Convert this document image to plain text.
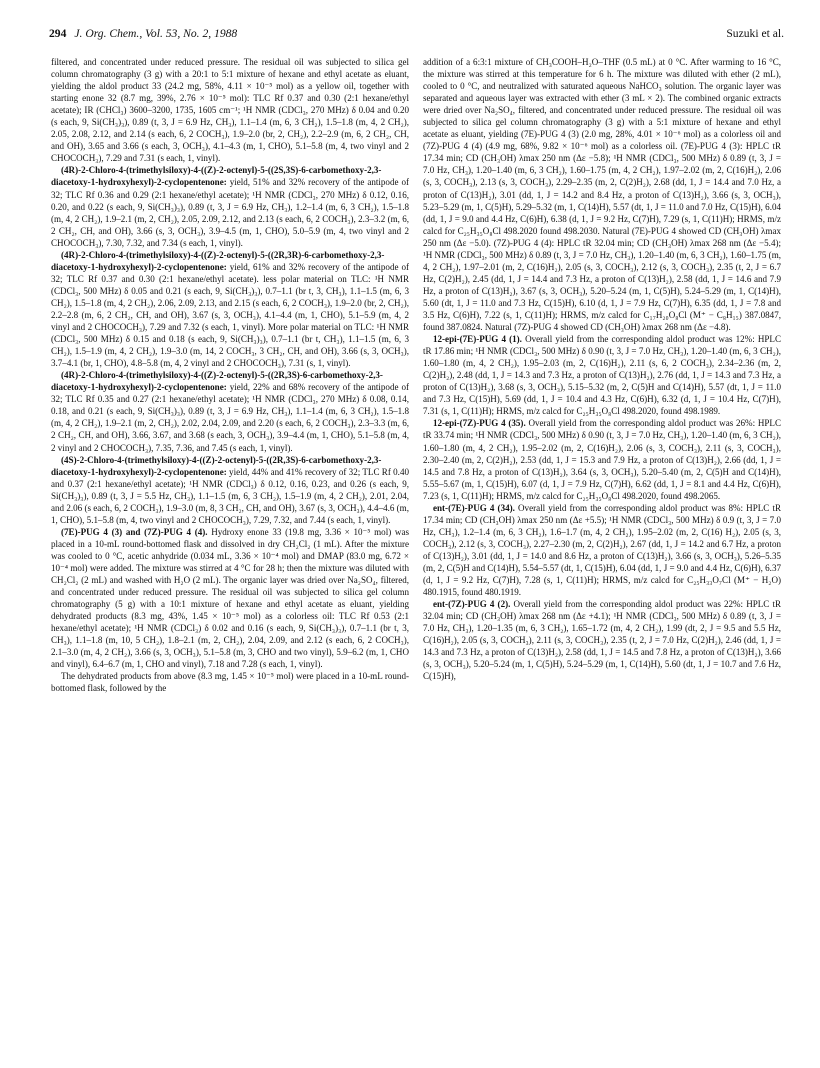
294 J. Org. Chem., Vol. 53, No. 2, 1988	Suzuki et al.

filtered, and concentrated under reduced pressure. The residual oil was subjected to silica gel column chromatography (3 g) with a 20:1 to 5:1 mixture of hexane and ethyl acetate as eluant, yielding the aldol product 33 (24.2 mg, 58%, 4.11 × 10⁻⁵ mol) as a yellow oil, together with starting enone 32 (8.7 mg, 39%, 2.76 × 10⁻⁵ mol): TLC Rf 0.37 and 0.30 (2:1 hexane/ethyl acetate); IR (CHCl₃) 3600–3200, 1735, 1605 cm⁻¹; ¹H NMR (CDCl₃, 270 MHz) δ 0.04 and 0.20 (s each, 9, Si(CH₃)₃), 0.89 (t, 3, J = 6.9 Hz, CH₃), 1.1–1.4 (m, 6, 3 CH₂), 1.5–1.8 (m, 4, 2 CH₂), 2.05, 2.08, 2.12, and 2.14 (s each, 6, 2 COCH₃), 1.9–2.0 (br, 2, CH₂), 2.2–2.9 (m, 6, 2 CH₂, CH, and OH), 3.65 and 3.66 (s each, 3, OCH₃), 4.1–4.3 (m, 1, CHO), 5.1–5.8 (m, 4, two vinyl and 2 CHOCOCH₃), 7.29 and 7.31 (s each, 1, vinyl).

(4R)-2-Chloro-4-(trimethylsiloxy)-4-((Z)-2-octenyl)-5-((2S,3S)-6-carbomethoxy-2,3-diacetoxy-1-hydroxyhexyl)-2-cyclopentenone: yield, 51% and 32% recovery of the antipode of 32; TLC Rf 0.36 and 0.29 (2:1 hexane/ethyl acetate); ¹H NMR (CDCl₃, 270 MHz) δ 0.12, 0.16, 0.20, and 0.22 (s each, 9, Si(CH₃)₃), 0.89 (t, 3, J = 6.9 Hz, CH₃), 1.2–1.4 (m, 6, 3 CH₂), 1.5–1.8 (m, 4, 2 CH₂), 1.9–2.1 (m, 2, CH₂), 2.05, 2.09, 2.12, and 2.13 (s each, 6, 2 COCH₃), 2.3–3.2 (m, 6, 2 CH₂, CH, and OH), 3.66 (s, 3, OCH₃), 3.9–4.5 (m, 1, CHO), 5.0–5.9 (m, 4, two vinyl and 2 CHOCOCH₃), 7.30, 7.32, and 7.34 (s each, 1, vinyl).

(4R)-2-Chloro-4-(trimethylsiloxy)-4-((Z)-2-octenyl)-5-((2R,3R)-6-carbomethoxy-2,3-diacetoxy-1-hydroxyhexyl)-2-cyclopentenone: yield, 61% and 32% recovery of the antipode of 32; TLC Rf 0.37 and 0.30 (2:1 hexane/ethyl acetate). less polar material on TLC: ¹H NMR (CDCl₃, 500 MHz) δ 0.05 and 0.21 (s each, 9, Si(CH₃)₃), 0.7–1.1 (br t, 3, CH₃), 1.1–1.5 (m, 6, 3 CH₂), 1.5–1.8 (m, 4, 2 CH₂), 2.06, 2.09, 2.13, and 2.15 (s each, 6, 2 COCH₃), 1.9–2.0 (br, 2, CH₂), 2.2–2.8 (m, 6, 2 CH₂, CH, and OH), 3.67 (s, 3, OCH₃), 4.1–4.4 (m, 1, CHO), 5.1–5.9 (m, 4, 2 vinyl and 2 CHOCOCH₃), 7.29 and 7.32 (s each, 1, vinyl). More polar material on TLC: ¹H NMR (CDCl₃, 500 MHz) δ 0.15 and 0.18 (s each, 9, Si(CH₃)₃), 0.7–1.1 (br t, CH₃), 1.1–1.5 (m, 6, 3 CH₂), 1.5–1.9 (m, 4, 2 CH₂), 1.9–3.0 (m, 14, 2 COCH₃, 3 CH₂, CH, and OH), 3.66 (s, 3, OCH₃), 3.7–4.1 (br, 1, CHO), 4.8–5.8 (m, 4, 2 vinyl and 2 CHOCOCH₃), 7.31 (s, 1, vinyl).

(4R)-2-Chloro-4-(trimethylsiloxy)-4-((Z)-2-octenyl)-5-((2R,3S)-6-carbomethoxy-2,3-diacetoxy-1-hydroxyhexyl)-2-cyclopentenone: yield, 22% and 68% recovery of the antipode of 32; TLC Rf 0.35 and 0.27 (2:1 hexane/ethyl acetate); ¹H NMR (CDCl₃, 270 MHz) δ 0.08, 0.14, 0.18, and 0.21 (s each, 9, Si(CH₃)₃), 0.89 (t, 3, J = 6.9 Hz, CH₃), 1.1–1.4 (m, 6, 3 CH₂), 1.5–1.8 (m, 4, 2 CH₂), 1.9–2.1 (m, 2, CH₂), 2.02, 2.04, 2.09, and 2.20 (s each, 6, 2 COCH₃), 2.3–3.3 (m, 6, 2 CH₂, CH, and OH), 3.66, 3.67, and 3.68 (s each, 3, OCH₃), 3.9–4.4 (m, 1, CHO), 5.1–5.8 (m, 4, 2 vinyl and 2 CHOCOCH₃), 7.35, 7.36, and 7.45 (s each, 1, vinyl).

(4S)-2-Chloro-4-(trimethylsiloxy)-4-((Z)-2-octenyl)-5-((2R,3S)-6-carbomethoxy-2,3-diacetoxy-1-hydroxyhexyl)-2-cyclopentenone: yield, 44% and 41% recovery of 32; TLC Rf 0.40 and 0.37 (2:1 hexane/ethyl acetate); ¹H NMR (CDCl₃) δ 0.12, 0.16, 0.23, and 0.26 (s each, 9, Si(CH₃)₃), 0.89 (t, 3, J = 5.5 Hz, CH₃), 1.1–1.5 (m, 6, 3 CH₂), 1.5–1.9 (m, 4, 2 CH₂), 2.01, 2.04, and 2.06 (s each, 6, 2 COCH₃), 1.9–3.0 (m, 8, 3 CH₂, CH, and OH), 3.67 (s, 3, OCH₃), 4.4–4.6 (m, 1, CHO), 5.1–5.8 (m, 4, two vinyl and 2 CHOCOCH₃), 7.29, 7.32, and 7.44 (s each, 1, vinyl).

(7E)-PUG 4 (3) and (7Z)-PUG 4 (4). Hydroxy enone 33 (19.8 mg, 3.36 × 10⁻⁵ mol) was placed in a 10-mL round-bottomed flask and dissolved in dry CH₂Cl₂ (1 mL). After the mixture was cooled to 0 °C, acetic anhydride (0.034 mL, 3.36 × 10⁻⁴ mol) and DMAP (83.0 mg, 6.72 × 10⁻⁴ mol) were added. The mixture was stirred at 4 °C for 28 h; then the mixture was diluted with CH₂Cl₂ (2 mL) and washed with H₂O (2 mL). The organic layer was dried over Na₂SO₄, filtered, and concentrated under reduced pressure. The residual oil was subjected to silica gel column chromatography (5 g) with a 10:1 mixture of hexane and ethyl acetate as eluant, yielding dehydrated products (8.3 mg, 43%, 1.45 × 10⁻⁵ mol) as a colorless oil: TLC Rf 0.53 (2:1 hexane/ethyl acetate); ¹H NMR (CDCl₃) δ 0.02 and 0.16 (s each, 9, Si(CH₃)₃), 0.7–1.1 (br t, 3, CH₃), 1.1–1.8 (m, 10, 5 CH₂), 1.8–2.1 (m, 2, CH₂), 2.04, 2.09, and 2.12 (s each, 6, 2 COCH₃), 2.1–3.0 (m, 4, 2 CH₂), 3.66 (s, 3, OCH₃), 5.1–5.8 (m, 3, CHO and two vinyl), 5.9–6.2 (m, 1, CHO and vinyl), 6.4–6.7 (m, 1, CHO and vinyl), 7.18 and 7.28 (s each, 1, vinyl).

The dehydrated products from above (8.3 mg, 1.45 × 10⁻⁵ mol) were placed in a 10-mL round-bottomed flask, followed by the

addition of a 6:3:1 mixture of CH₃COOH–H₂O–THF (0.5 mL) at 0 °C. After warming to 16 °C, the mixture was stirred at this temperature for 6 h. The mixture was diluted with ether (2 mL), cooled to 0 °C, and neutralized with saturated aqueous NaHCO₃ solution. The organic layer was separated and aqueous layer was extracted with ether (3 mL × 2). The combined organic extracts were dried over Na₂SO₄, filtered, and concentrated under reduced pressure. The residual oil was subjected to silica gel column chromatography (3 g) with a 5:1 mixture of hexane and ethyl acetate as eluant, yielding (7E)-PUG 4 (3) (2.0 mg, 28%, 4.01 × 10⁻⁶ mol) as a colorless oil and (7Z)-PUG 4 (4) (4.9 mg, 68%, 9.82 × 10⁻⁶ mol) as a colorless oil. (7E)-PUG 4 (3): HPLC tR 17.34 min; CD (CH₃OH) λmax 250 nm (Δε −5.8); ¹H NMR (CDCl₃, 500 MHz) δ 0.89 (t, 3, J = 7.0 Hz, CH₃), 1.20–1.40 (m, 6, 3 CH₂), 1.60–1.75 (m, 4, 2 CH₂), 1.97–2.02 (m, 2, C(16)H₂), 2.06 (s, 3, COCH₃), 2.13 (s, 3, COCH₃), 2.29–2.35 (m, 2, C(2)H₂), 2.68 (dd, 1, J = 14.4 and 7.0 Hz, a proton of C(13)H₂), 3.01 (dd, 1, J = 14.2 and 8.4 Hz, a proton of C(13)H₂), 3.66 (s, 3, OCH₃), 5.23–5.29 (m, 1, C(5)H), 5.29–5.32 (m, 1, C(14)H), 5.57 (dt, 1, J = 11.0 and 7.0 Hz, C(15)H), 6.04 (dd, 1, J = 9.0 and 4.4 Hz, C(6)H), 6.38 (d, 1, J = 9.2 Hz, C(7)H), 7.29 (s, 1, C(11)H); HRMS, m/z calcd for C₂₅H₃₅O₈Cl 498.2020 found 498.2030. Natural (7E)-PUG 4 showed CD (CH₃OH) λmax 250 nm (Δε −5.0). (7Z)-PUG 4 (4): HPLC tR 32.04 min; CD (CH₃OH) λmax 268 nm (Δε −5.4); ¹H NMR (CDCl₃, 500 MHz) δ 0.89 (t, 3, J = 7.0 Hz, CH₃), 1.20–1.40 (m, 6, 3 CH₂), 1.60–1.75 (m, 4, 2 CH₂), 1.97–2.01 (m, 2, C(16)H₂), 2.05 (s, 3, COCH₃), 2.12 (s, 3, COCH₃), 2.35 (t, 2, J = 6.7 Hz, C(2)H₂), 2.45 (dd, 1, J = 14.4 and 7.3 Hz, a proton of C(13)H₂), 2.58 (dd, 1, J = 14.6 and 7.9 Hz, a proton of C(13)H₂), 3.67 (s, 3, OCH₃), 5.20–5.24 (m, 1, C(5)H), 5.24–5.29 (m, 1, C(14)H), 5.60 (dt, 1, J = 11.0 and 7.3 Hz, C(15)H), 6.10 (d, 1, J = 7.9 Hz, C(7)H), 6.35 (dd, 1, J = 7.8 and 3.5 Hz, C(6)H), 7.22 (s, 1, C(11)H); HRMS, m/z calcd for C₁₇H₂₀O₈Cl (M⁺ − C₈H₁₅) 387.0847, found 387.0824. Natural (7Z)-PUG 4 showed CD (CH₃OH) λmax 268 nm (Δε −4.8).

12-epi-(7E)-PUG 4 (1). Overall yield from the corresponding aldol product was 12%: HPLC tR 17.86 min; ¹H NMR (CDCl₃, 500 MHz) δ 0.90 (t, 3, J = 7.0 Hz, CH₃), 1.20–1.40 (m, 6, 3 CH₂), 1.60–1.80 (m, 4, 2 CH₂), 1.95–2.03 (m, 2, C(16)H₂), 2.11 (s, 6, 2 COCH₃), 2.34–2.36 (m, 2, C(2)H₂), 2.48 (dd, 1, J = 14.3 and 7.3 Hz, a proton of C(13)H₂), 2.76 (dd, 1, J = 14.3 and 7.3 Hz, a proton of C(13)H₂), 3.68 (s, 3, OCH₃), 5.15–5.32 (m, 2, C(5)H and C(14)H), 5.57 (dt, 1, J = 11.0 and 7.3 Hz, C(15)H), 5.69 (dd, 1, J = 10.4 and 4.3 Hz, C(6)H), 6.32 (d, 1, J = 10.4 Hz, C(7)H), 7.31 (s, 1, C(11)H); HRMS, m/z calcd for C₂₅H₃₅O₈Cl 498.2020, found 498.1989.

12-epi-(7Z)-PUG 4 (35). Overall yield from the corresponding aldol product was 26%: HPLC tR 33.74 min; ¹H NMR (CDCl₃, 500 MHz) δ 0.90 (t, 3, J = 7.0 Hz, CH₃), 1.20–1.40 (m, 6, 3 CH₂), 1.60–1.80 (m, 4, 2 CH₂), 1.95–2.02 (m, 2, C(16)H₂), 2.06 (s, 3, COCH₃), 2.11 (s, 3, COCH₃), 2.30–2.40 (m, 2, C(2)H₂), 2.53 (dd, 1, J = 15.3 and 7.9 Hz, a proton of C(13)H₂), 2.66 (dd, 1, J = 14.5 and 7.8 Hz, a proton of C(13)H₂), 3.64 (s, 3, OCH₃), 5.20–5.40 (m, 2, C(5)H and C(14)H), 5.55–5.67 (m, 1, C(15)H), 6.07 (d, 1, J = 7.9 Hz, C(7)H), 6.62 (dd, 1, J = 8.1 and 4.4 Hz, C(6)H), 7.23 (s, 1, C(11)H); HRMS, m/z calcd for C₂₅H₃₅O₈Cl 498.2020, found 498.2065.

ent-(7E)-PUG 4 (34). Overall yield from the corresponding aldol product was 8%: HPLC tR 17.34 min; CD (CH₃OH) λmax 250 nm (Δε +5.5); ¹H NMR (CDCl₃, 500 MHz) δ 0.9 (t, 3, J = 7.0 Hz, CH₃), 1.2–1.4 (m, 6, 3 CH₂), 1.6–1.7 (m, 4, 2 CH₂), 1.95–2.02 (m, 2, C(16) H₂), 2.05 (s, 3, COCH₃), 2.12 (s, 3, COCH₃), 2.27–2.30 (m, 2, C(2)H₂), 2.67 (dd, 1, J = 14.2 and 6.7 Hz, a proton of C(13)H₂), 3.01 (dd, 1, J = 14.0 and 8.6 Hz, a proton of C(13)H₂), 3.66 (s, 3, OCH₃), 5.26–5.35 (m, 2, C(5)H and C(14)H), 5.54–5.57 (dt, 1, C(15)H), 6.04 (dd, 1, J = 9.0 and 4.4 Hz, C(6)H), 6.37 (d, 1, J = 9.2 Hz, C(7)H), 7.28 (s, 1, C(11)H); HRMS, m/z calcd for C₂₅H₃₃O₇Cl (M⁺ − H₂O) 480.1915, found 480.1919.

ent-(7Z)-PUG 4 (2). Overall yield from the corresponding aldol product was 22%: HPLC tR 32.04 min; CD (CH₃OH) λmax 268 nm (Δε +4.1); ¹H NMR (CDCl₃, 500 MHz) δ 0.89 (t, 3, J = 7.0 Hz, CH₃), 1.20–1.35 (m, 6, 3 CH₂), 1.65–1.72 (m, 4, 2 CH₂), 1.99 (dt, 2, J = 9.5 and 5.5 Hz, C(16)H₂), 2.05 (s, 3, COCH₃), 2.11 (s, 3, COCH₃), 2.35 (t, 2, J = 7.0 Hz, C(2)H₂), 2.46 (dd, 1, J = 14.3 and 7.3 Hz, a proton of C(13)H₂), 2.58 (dd, 1, J = 14.5 and 7.8 Hz, a proton of C(13)H₂), 3.66 (s, 3, OCH₃), 5.20–5.24 (m, 1, C(5)H), 5.24–5.29 (m, 1, C(14)H), 5.60 (dt, 1, J = 10.7 and 7.6 Hz, C(15)H),
